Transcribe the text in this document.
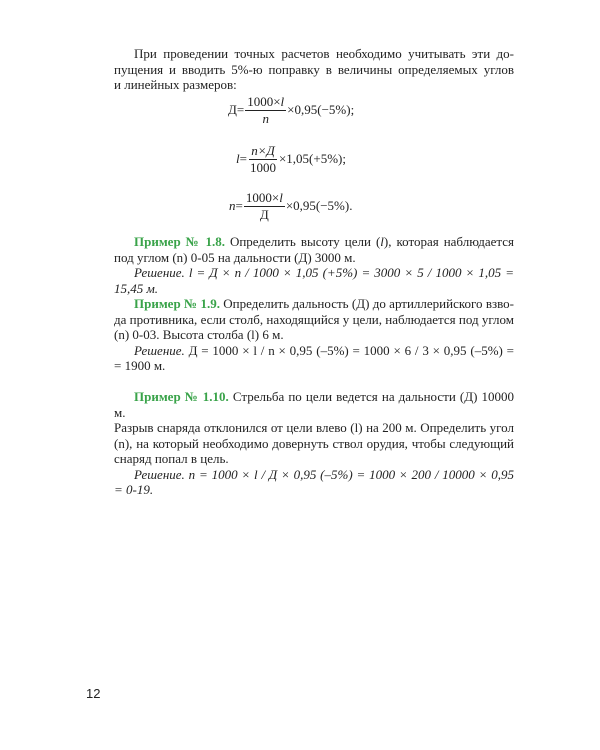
При проведении точных расчетов необходимо учитывать эти до-
пущения и вводить 5%-ю поправку в величины определяемых углов
и линейных размеров:
$Д= \frac{1000\times l}{n} \times 0,95(-5\%)$;
$l = \frac{n\times Д}{1000} \times 1,05(+5\%)$;
$n = \frac{1000\times l}{Д} \times 0,95(-5\%)$.
Пример № 1.8. Определить высоту цели (l), которая наблюдается
под углом (n) 0-05 на дальности (Д) 3000 м.
Решение. l = Д × n / 1000 × 1,05 (+5%) = 3000 × 5 / 1000 × 1,05 = 15,45 м.
Пример № 1.9. Определить дальность (Д) до артиллерийского взво-
да противника, если столб, находящийся у цели, наблюдается под углом
(n) 0-03. Высота столба (l) 6 м.
Решение. Д = 1000 × l / n × 0,95 (–5%) = 1000 × 6 / 3 × 0,95 (–5%) =
= 1900 м.
Пример № 1.10. Стрельба по цели ведется на дальности (Д) 10000 м.
Разрыв снаряда отклонился от цели влево (l) на 200 м. Определить угол
(n), на который необходимо довернуть ствол орудия, чтобы следующий
снаряд попал в цель.
Решение. n = 1000 × l / Д × 0,95 (–5%) = 1000 × 200 / 10000 × 0,95 = 0-19.
12
